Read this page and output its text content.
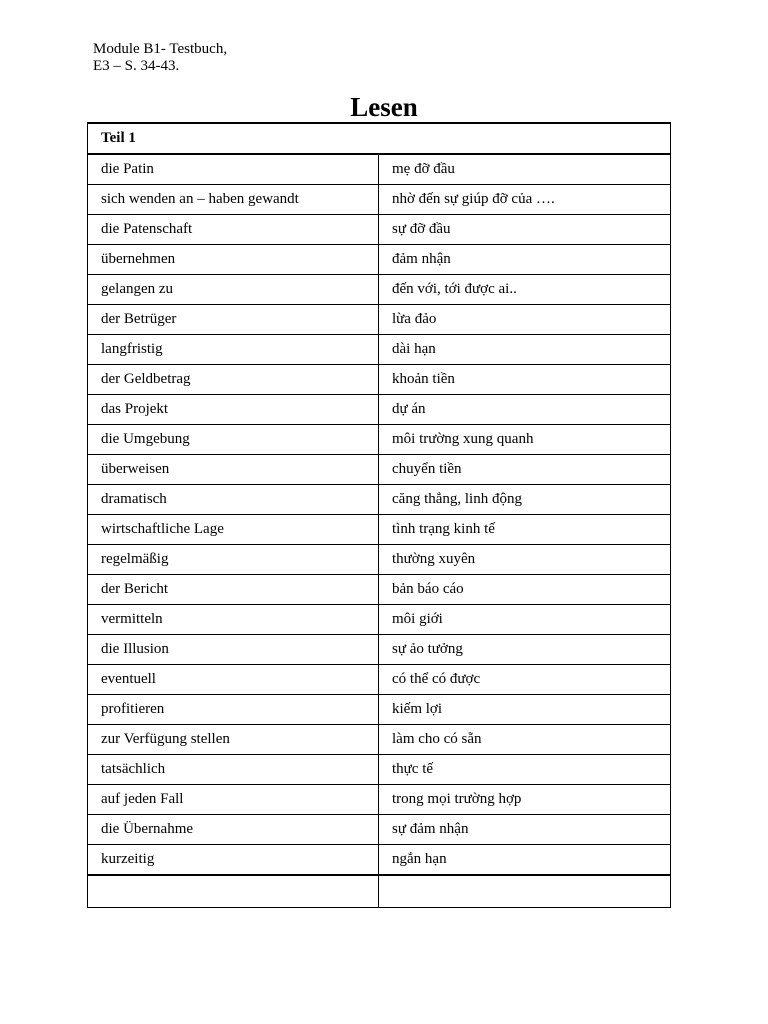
Module B1- Testbuch,
E3 – S. 34-43.
Lesen
Teil 1	
die Patin	mẹ đỡ đầu
sich wenden an – haben gewandt	nhờ đến sự giúp đỡ của ….
die Patenschaft	sự đỡ đầu
übernehmen	đảm nhận
gelangen zu	đến với, tới được ai..
der Betrüger	lừa đảo
langfristig	dài hạn
der Geldbetrag	khoản tiền
das Projekt	dự án
die Umgebung	môi trường xung quanh
überweisen	chuyển tiền
dramatisch	căng thẳng, linh động
wirtschaftliche Lage	tình trạng kinh tế
regelmäßig	thường xuyên
der Bericht	bản báo cáo
vermitteln	môi giới
die Illusion	sự ảo tưởng
eventuell	có thể có được
profitieren	kiếm lợi
zur Verfügung stellen	làm cho có sẵn
tatsächlich	thực tế
auf jeden Fall	trong mọi trường hợp
die Übernahme	sự đảm nhận
kurzeitig	ngắn hạn
